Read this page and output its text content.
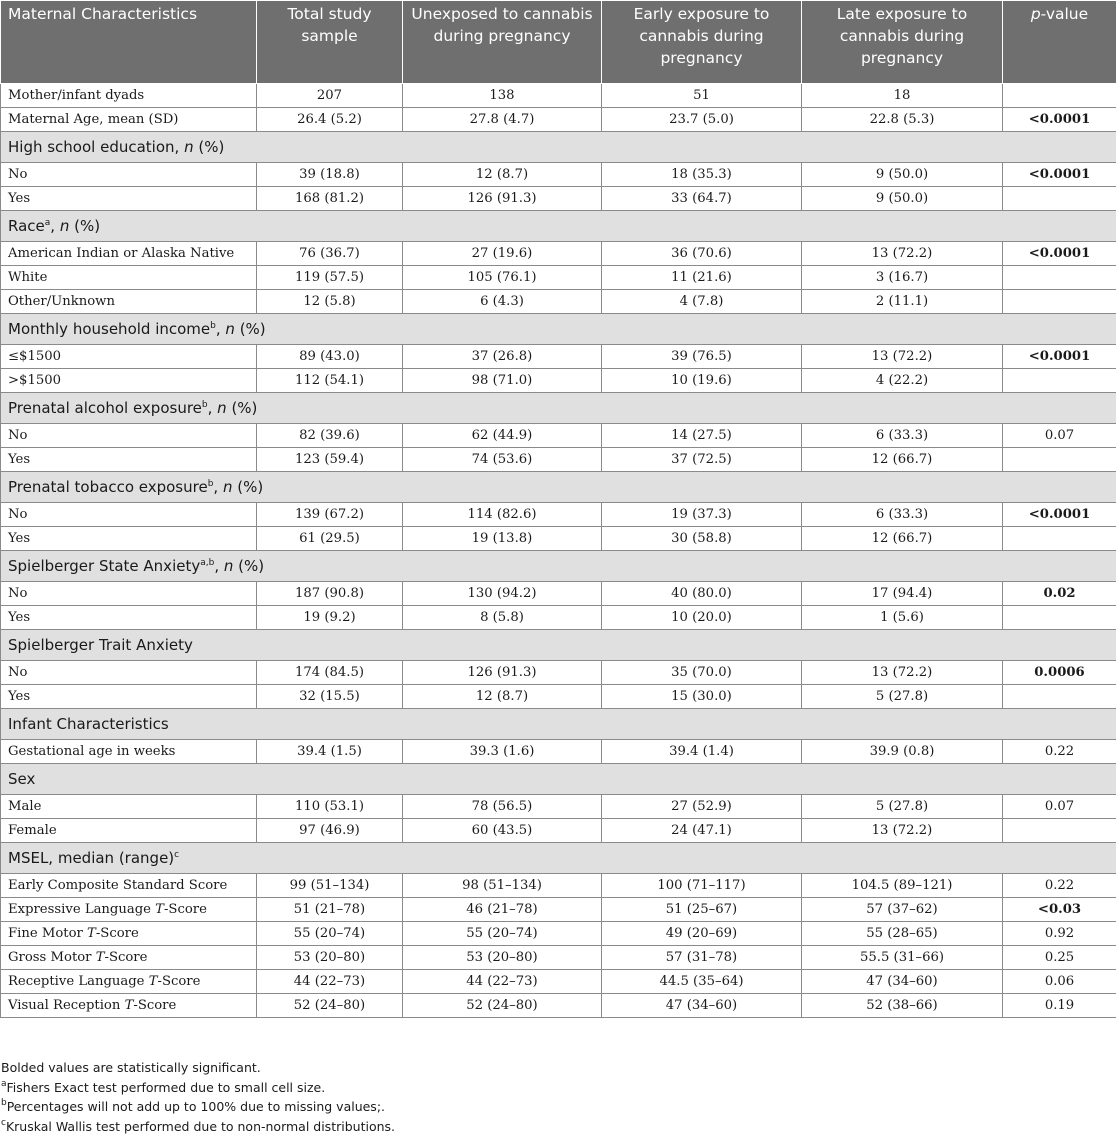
Maternal Characteristics	Total study sample	Unexposed to cannabis during pregnancy	Early exposure to cannabis during pregnancy	Late exposure to cannabis during pregnancy	p-value
Mother/infant dyads	207	138	51	18	
Maternal Age, mean (SD)	26.4 (5.2)	27.8 (4.7)	23.7 (5.0)	22.8 (5.3)	<0.0001
High school education, n (%)					
No	39 (18.8)	12 (8.7)	18 (35.3)	9 (50.0)	<0.0001
Yes	168 (81.2)	126 (91.3)	33 (64.7)	9 (50.0)	
Race$^a$, n (%)					
American Indian or Alaska Native	76 (36.7)	27 (19.6)	36 (70.6)	13 (72.2)	<0.0001
White	119 (57.5)	105 (76.1)	11 (21.6)	3 (16.7)	
Other/Unknown	12 (5.8)	6 (4.3)	4 (7.8)	2 (11.1)	
Monthly household income$^b$, n (%)					
≤$1500	89 (43.0)	37 (26.8)	39 (76.5)	13 (72.2)	<0.0001
>$1500	112 (54.1)	98 (71.0)	10 (19.6)	4 (22.2)	
Prenatal alcohol exposure$^b$, n (%)					
No	82 (39.6)	62 (44.9)	14 (27.5)	6 (33.3)	0.07
Yes	123 (59.4)	74 (53.6)	37 (72.5)	12 (66.7)	
Prenatal tobacco exposure$^b$, n (%)					
No	139 (67.2)	114 (82.6)	19 (37.3)	6 (33.3)	<0.0001
Yes	61 (29.5)	19 (13.8)	30 (58.8)	12 (66.7)	
Spielberger State Anxiety$^{a,b}$, n (%)					
No	187 (90.8)	130 (94.2)	40 (80.0)	17 (94.4)	0.02
Yes	19 (9.2)	8 (5.8)	10 (20.0)	1 (5.6)	
Spielberger Trait Anxiety					
No	174 (84.5)	126 (91.3)	35 (70.0)	13 (72.2)	0.0006
Yes	32 (15.5)	12 (8.7)	15 (30.0)	5 (27.8)	
Infant Characteristics					
Gestational age in weeks	39.4 (1.5)	39.3 (1.6)	39.4 (1.4)	39.9 (0.8)	0.22
Sex					
Male	110 (53.1)	78 (56.5)	27 (52.9)	5 (27.8)	0.07
Female	97 (46.9)	60 (43.5)	24 (47.1)	13 (72.2)	
MSEL, median (range)$^c$
Early Composite Standard Score	99 (51–134)	98 (51–134)	100 (71–117)	104.5 (89–121)	0.22
Expressive Language T-Score	51 (21–78)	46 (21–78)	51 (25–67)	57 (37–62)	<0.03
Fine Motor T-Score	55 (20–74)	55 (20–74)	49 (20–69)	55 (28–65)	0.92
Gross Motor T-Score	53 (20–80)	53 (20–80)	57 (31–78)	55.5 (31–66)	0.25
Receptive Language T-Score	44 (22–73)	44 (22–73)	44.5 (35–64)	47 (34–60)	0.06
Visual Reception T-Score	52 (24–80)	52 (24–80)	47 (34–60)	52 (38–66)	0.19
Bolded values are statistically significant.
$^a$Fishers Exact test performed due to small cell size.
$^b$Percentages will not add up to 100% due to missing values;.
$^c$Kruskal Wallis test performed due to non-normal distributions.
